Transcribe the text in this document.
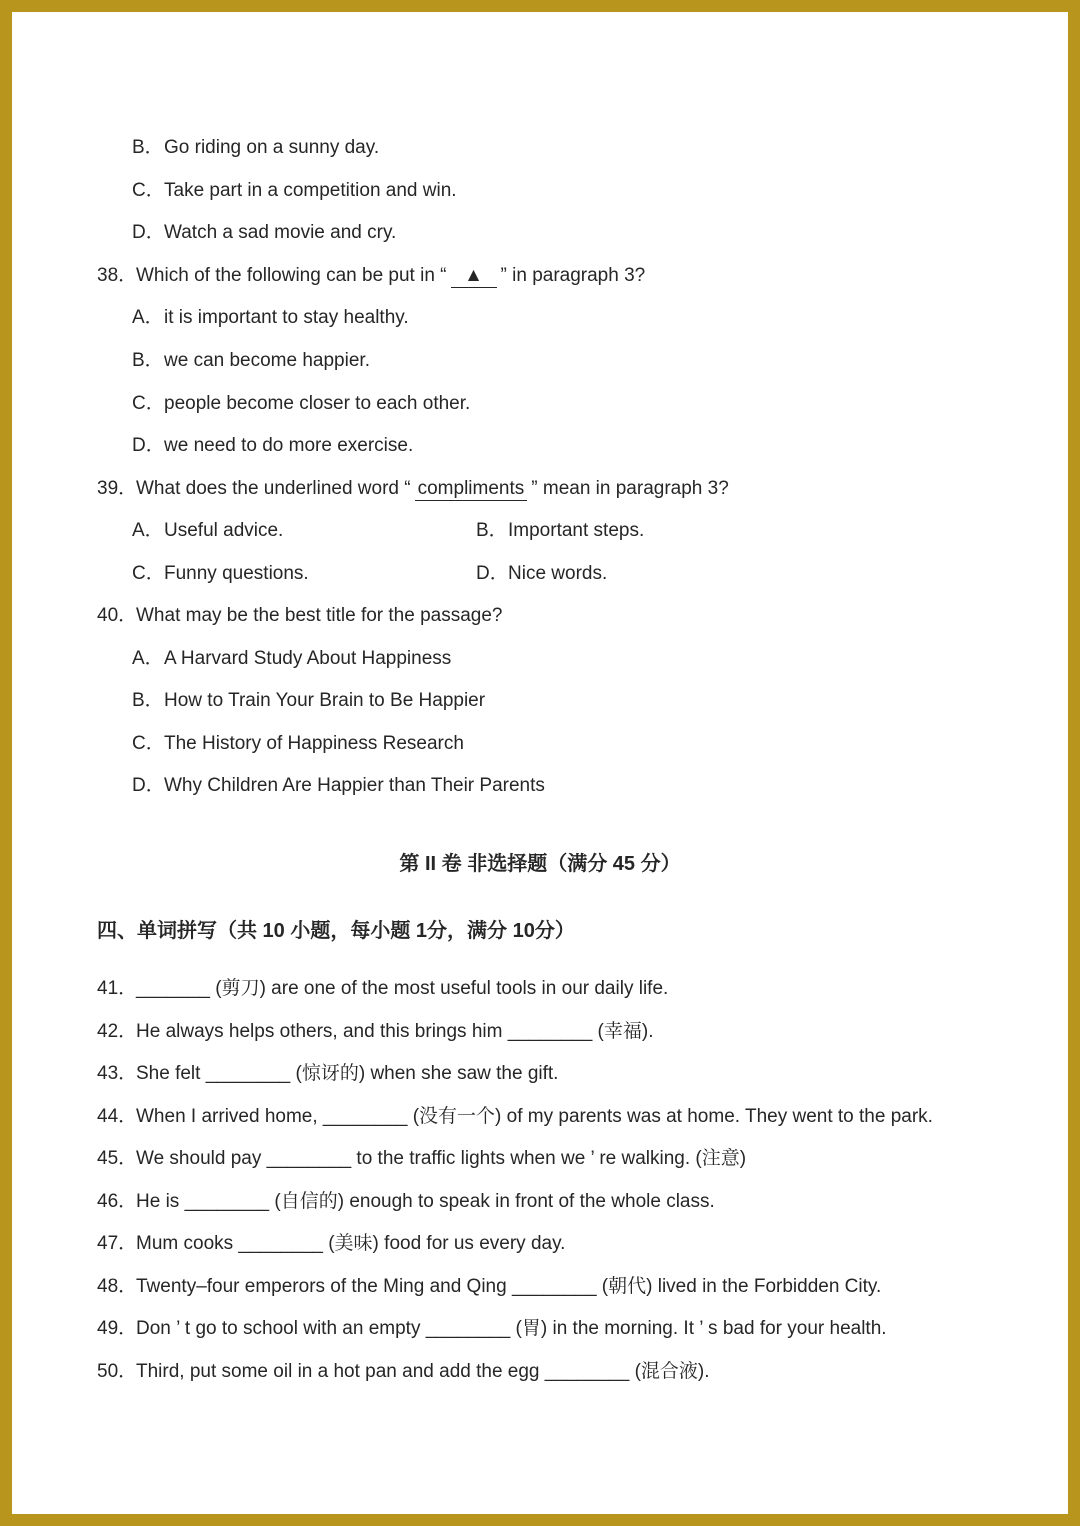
B．Go riding on a sunny day.
C．Take part in a competition and win.
D．Watch a sad movie and cry.
38．Which of the following can be put in “ ▲ ” in paragraph 3?
A．it is important to stay healthy.
B．we can become happier.
C．people become closer to each other.
D．we need to do more exercise.
39．What does the underlined word “ compliments ” mean in paragraph 3?
A．Useful advice.	B．Important steps.
C．Funny questions.	D．Nice words.
40．What may be the best title for the passage?
A．A Harvard Study About Happiness
B．How to Train Your Brain to Be Happier
C．The History of Happiness Research
D．Why Children Are Happier than Their Parents
第 II 卷 非选择题（满分 45 分）
四、单词拼写（共 10 小题，每小题 1分，满分 10分）
41．_______ (剪刀) are one of the most useful tools in our daily life.
42．He always helps others, and this brings him ________ (幸福).
43．She felt ________ (惊讶的) when she saw the gift.
44．When I arrived home, ________ (没有一个) of my parents was at home. They went to the park.
45．We should pay ________ to the traffic lights when we ’ re walking. (注意)
46．He is ________ (自信的) enough to speak in front of the whole class.
47．Mum cooks ________ (美味) food for us every day.
48．Twenty–four emperors of the Ming and Qing ________ (朝代) lived in the Forbidden City.
49．Don ’ t go to school with an empty ________ (胃) in the morning. It ’ s bad for your health.
50．Third, put some oil in a hot pan and add the egg ________ (混合液).
